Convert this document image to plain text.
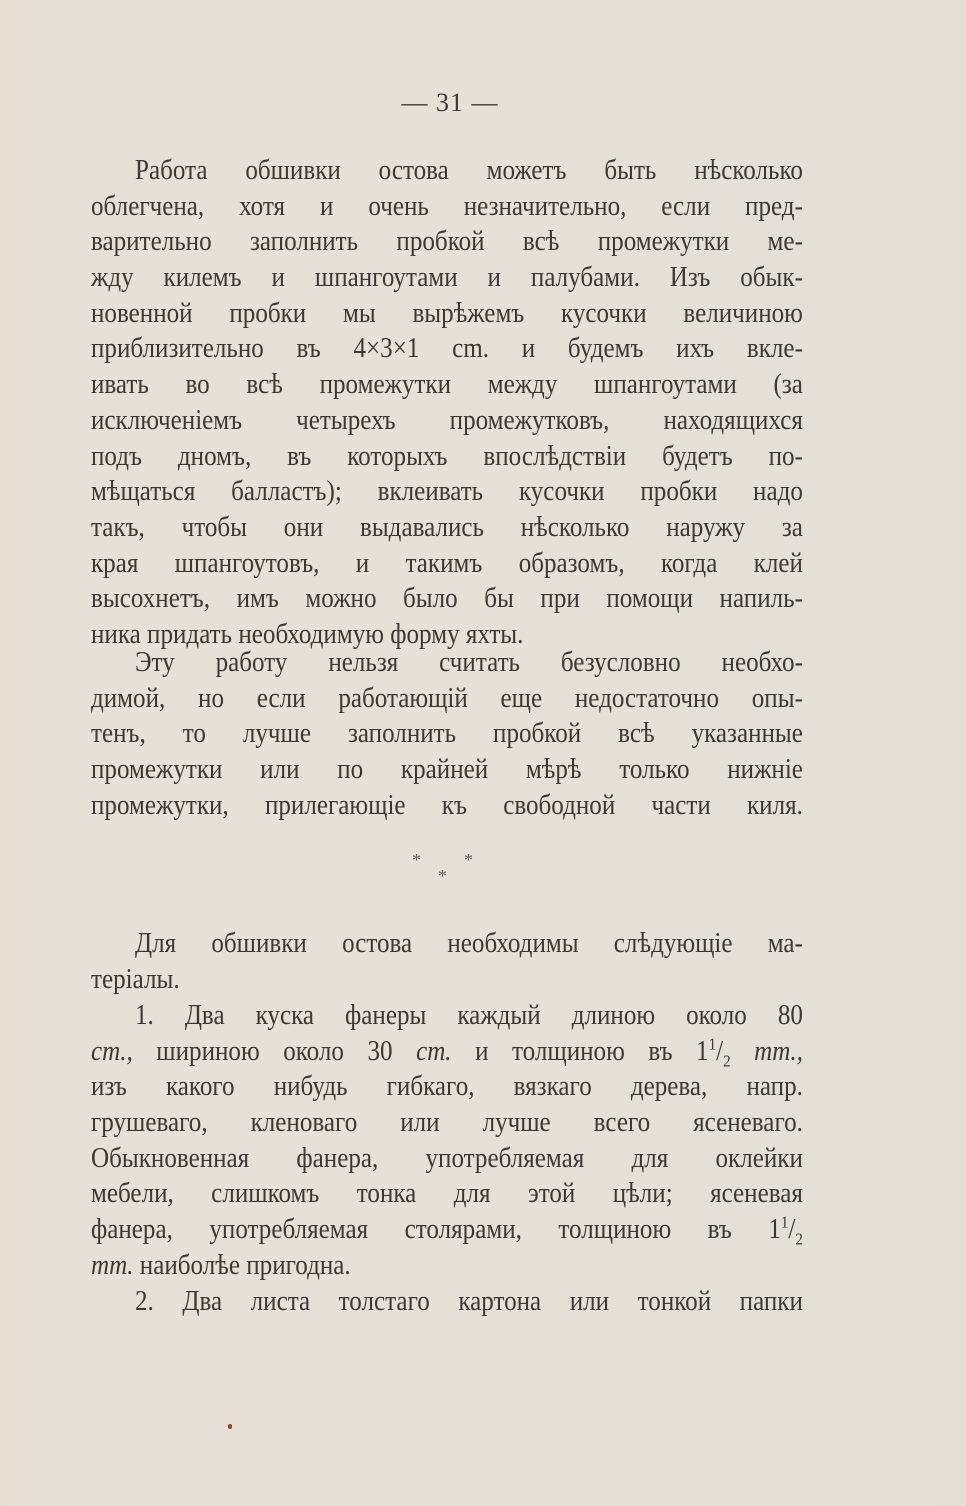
— 31 —
Работа обшивки остова можетъ быть нѣсколько
облегчена, хотя и очень незначительно, если пред-
варительно заполнить пробкой всѣ промежутки ме-
жду килемъ и шпангоутами и палубами. Изъ обык-
новенной пробки мы вырѣжемъ кусочки величиною
приблизительно въ 4×3×1 cm. и будемъ ихъ вкле-
ивать во всѣ промежутки между шпангоутами (за
исключенiемъ четырехъ промежутковъ, находящихся
подъ дномъ, въ которыхъ впослѣдствiи будетъ по-
мѣщаться балластъ); вклеивать кусочки пробки надо
такъ, чтобы они выдавались нѣсколько наружу за
края шпангоутовъ, и такимъ образомъ, когда клей
высохнетъ, имъ можно было бы при помощи напиль-
ника придать необходимую форму яхты.
Эту работу нельзя считать безусловно необхо-
димой, но если работающiй еще недостаточно опы-
тенъ, то лучше заполнить пробкой всѣ указанные
промежутки или по крайней мѣрѣ только нижнiе
промежутки, прилегающiе къ свободной части киля.
* *
*
Для обшивки остова необходимы слѣдующiе ма-
терiалы.
1. Два куска фанеры каждый длиною около 80
cm., шириною около 30 cm. и толщиною въ $1^1/_2$ mm.,
изъ какого нибудь гибкаго, вязкаго дерева, напр.
грушеваго, кленоваго или лучше всего ясеневаго.
Обыкновенная фанера, употребляемая для оклейки
мебели, слишкомъ тонка для этой цѣли; ясеневая
фанера, употребляемая столярами, толщиною въ $1^1/_2$
mm. наиболѣе пригодна.
2. Два листа толстаго картона или тонкой папки
